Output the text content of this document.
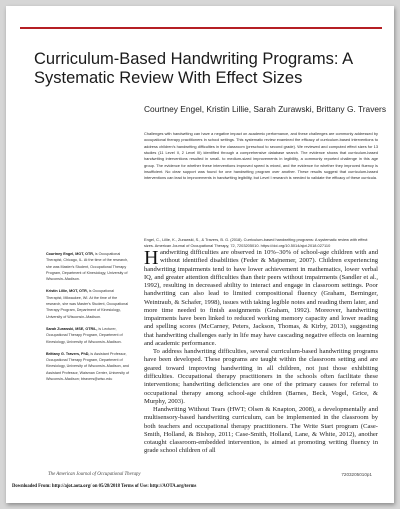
Curriculum-Based Handwriting Programs: A Systematic Review With Effect Sizes

Courtney Engel, Kristin Lillie, Sarah Zurawski, Brittany G. Travers

Challenges with handwriting can have a negative impact on academic performance, and these challenges are commonly addressed by occupational therapy practitioners in school settings. This systematic review examined the efficacy of curriculum-based interventions to address children's handwriting difficulties in the classroom (preschool to second grade). We reviewed and computed effect sizes for 13 studies (11 Level II, 2 Level III) identified through a comprehensive database search. The evidence shows that curriculum-based handwriting interventions resulted in small- to medium-sized improvements in legibility, a commonly reported challenge in this age group. The evidence for whether these interventions improved speed is mixed, and the evidence for whether they improved fluency is insufficient. No clear support was found for one handwriting program over another. These results suggest that curriculum-based interventions can lead to improvements in handwriting legibility, but Level I research is needed to validate the efficacy of these curricula.

Engel, C., Lillie, K., Zurawski, S., & Travers, B. G. (2018). Curriculum-based handwriting programs: A systematic review with effect sizes. American Journal of Occupational Therapy, 72, 7203205010. https://doi.org/10.5014/ajot.2018.027110

Courtney Engel, MOT, OTR, is Occupational Therapist, Chicago, IL. At the time of the research, she was Master's Student, Occupational Therapy Program, Department of Kinesiology, University of Wisconsin–Madison.

Kristin Lillie, MOT, OTR, is Occupational Therapist, Milwaukee, WI. At the time of the research, she was Master's Student, Occupational Therapy Program, Department of Kinesiology, University of Wisconsin–Madison.

Sarah Zurawski, MSE, OTR/L, is Lecturer, Occupational Therapy Program, Department of Kinesiology, University of Wisconsin–Madison.

Brittany G. Travers, PhD, is Assistant Professor, Occupational Therapy Program, Department of Kinesiology, University of Wisconsin–Madison, and Assistant Professor, Waisman Center, University of Wisconsin–Madison; btravers@wisc.edu

Handwriting difficulties are observed in 10%–30% of school-age children with and without identified disabilities (Feder & Majnemer, 2007). Children experiencing handwriting impairments tend to have lower achievement in mathematics, lower verbal IQ, and greater attention difficulties than their peers without impairments (Sandler et al., 1992), resulting in decreased ability to interact and engage in classroom settings. Poor handwriting can also lead to limited compositional fluency (Graham, Berninger, Weintraub, & Schafer, 1998), issues with taking legible notes and reading them later, and more time needed to finish assignments (Graham, 1992). Moreover, handwriting impairments have been linked to reduced working memory capacity and lower reading and spelling scores (McCarney, Peters, Jackson, Thomas, & Kirby, 2013), suggesting that handwriting challenges early in life may have cascading negative effects on learning and academic performance.

To address handwriting difficulties, several curriculum-based handwriting programs have been developed. These programs are taught within the classroom setting and are geared toward improving handwriting in all children, not just those exhibiting difficulties. Occupational therapy practitioners in the schools often facilitate these interventions; handwriting deficiencies are one of the primary causes for referral to occupational therapy among school-age children (Barnes, Beck, Vogel, Grice, & Murphy, 2003).

Handwriting Without Tears (HWT; Olsen & Knapton, 2008), a developmentally and multisensory-based handwriting curriculum, can be implemented in the classroom by both teachers and occupational therapy practitioners. The Write Start program (Case-Smith, Holland, & Bishop, 2011; Case-Smith, Holland, Lane, & White, 2012), another cotaught classroom-embedded intervention, is aimed at promoting writing fluency in grade school children of all

The American Journal of Occupational Therapy	7203205010p1

Downloaded From: http://ajot.aota.org/ on 05/28/2018 Terms of Use: http://AOTA.org/terms
